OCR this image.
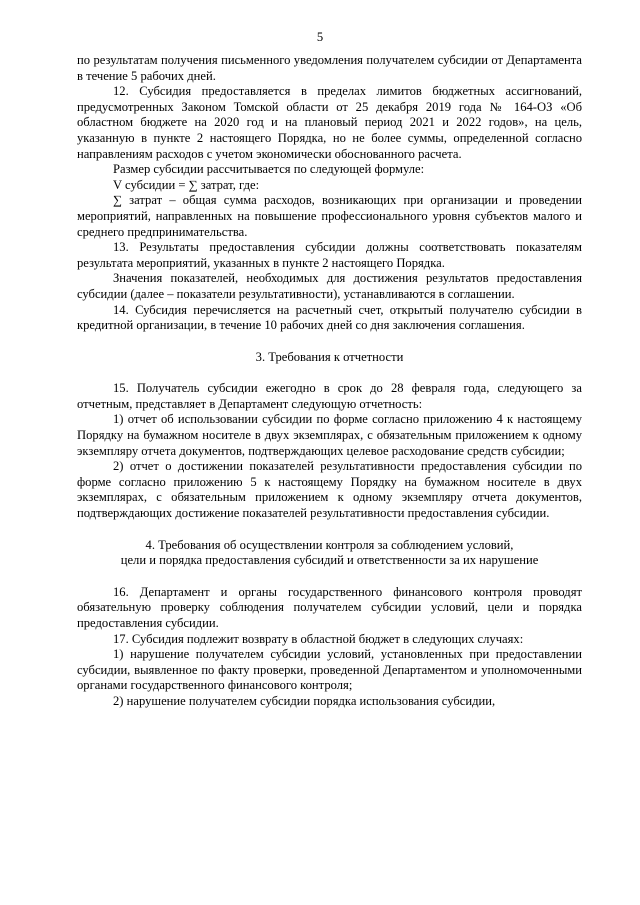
5

по результатам получения письменного уведомления получателем субсидии от Департамента в течение 5 рабочих дней.

12. Субсидия предоставляется в пределах лимитов бюджетных ассигнований, предусмотренных Законом Томской области от 25 декабря 2019 года № 164-ОЗ «Об областном бюджете на 2020 год и на плановый период 2021 и 2022 годов», на цель, указанную в пункте 2 настоящего Порядка, но не более суммы, определенной согласно направлениям расходов с учетом экономически обоснованного расчета.

Размер субсидии рассчитывается по следующей формуле:

V субсидии = ∑ затрат, где:

∑ затрат – общая сумма расходов, возникающих при организации и проведении мероприятий, направленных на повышение профессионального уровня субъектов малого и среднего предпринимательства.

13. Результаты предоставления субсидии должны соответствовать показателям результата мероприятий, указанных в пункте 2 настоящего Порядка.

Значения показателей, необходимых для достижения результатов предоставления субсидии (далее – показатели результативности), устанавливаются в соглашении.

14. Субсидия перечисляется на расчетный счет, открытый получателю субсидии в кредитной организации, в течение 10 рабочих дней со дня заключения соглашения.

3. Требования к отчетности

15. Получатель субсидии ежегодно в срок до 28 февраля года, следующего за отчетным, представляет в Департамент следующую отчетность:

1) отчет об использовании субсидии по форме согласно приложению 4 к настоящему Порядку на бумажном носителе в двух экземплярах, с обязательным приложением к одному экземпляру отчета документов, подтверждающих целевое расходование средств субсидии;

2) отчет о достижении показателей результативности предоставления субсидии по форме согласно приложению 5 к настоящему Порядку на бумажном носителе в двух экземплярах, с обязательным приложением к одному экземпляру отчета документов, подтверждающих достижение показателей результативности предоставления субсидии.

4. Требования об осуществлении контроля за соблюдением условий,

цели и порядка предоставления субсидий и ответственности за их нарушение

16. Департамент и органы государственного финансового контроля проводят обязательную проверку соблюдения получателем субсидии условий, цели и порядка предоставления субсидии.

17. Субсидия подлежит возврату в областной бюджет в следующих случаях:

1) нарушение получателем субсидии условий, установленных при предоставлении субсидии, выявленное по факту проверки, проведенной Департаментом и уполномоченными органами государственного финансового контроля;

2) нарушение получателем субсидии порядка использования субсидии,
